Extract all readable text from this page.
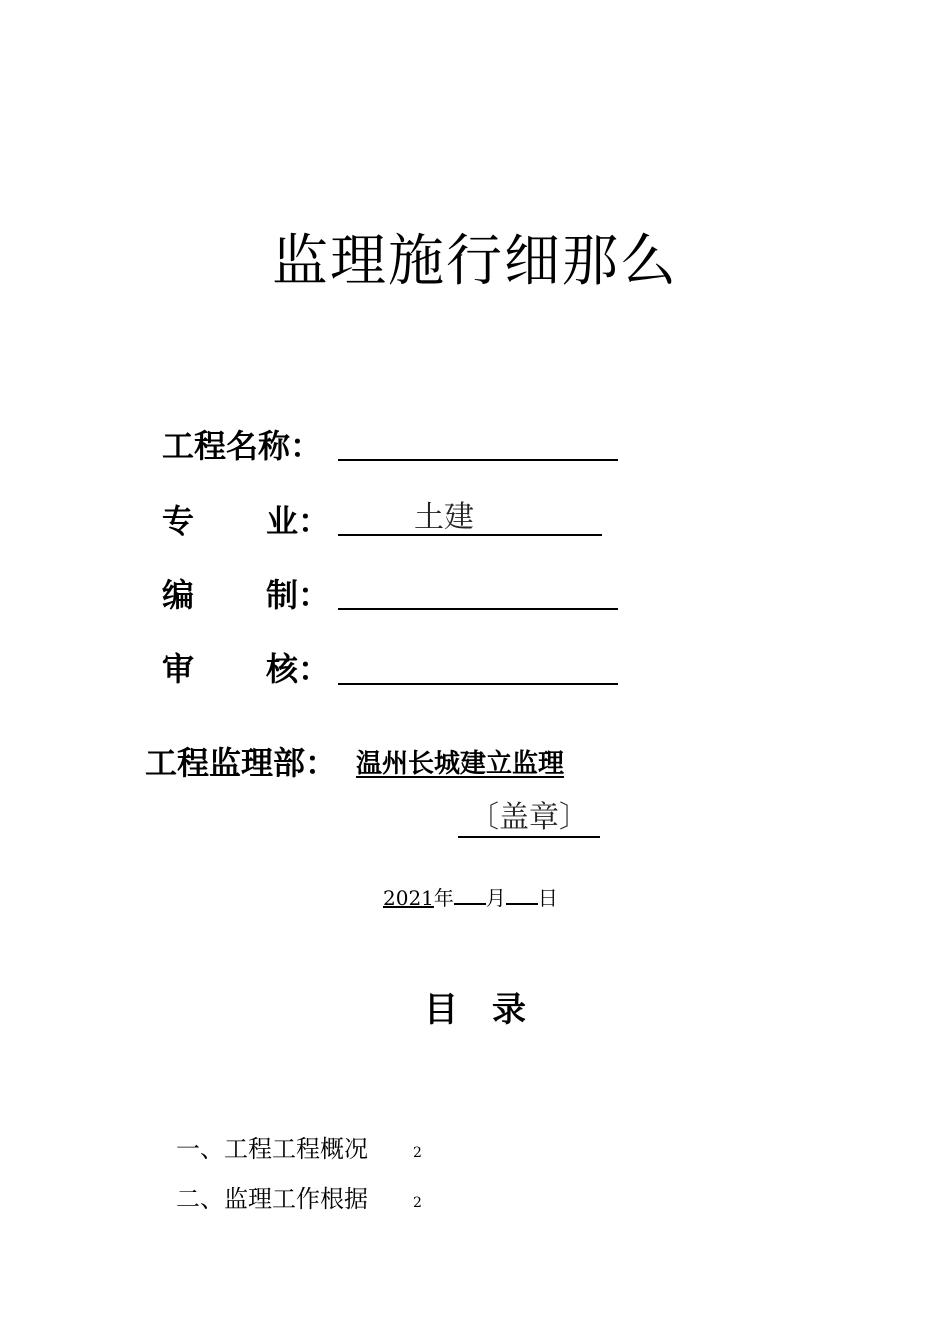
监理施行细那么
工程名称：
专 业：	土建
编 制：
审 核：
工程监理部： 温州长城建立监理
〔盖章〕
2021年 月 日
目　录
一、工程工程概况	2
二、监理工作根据	2
